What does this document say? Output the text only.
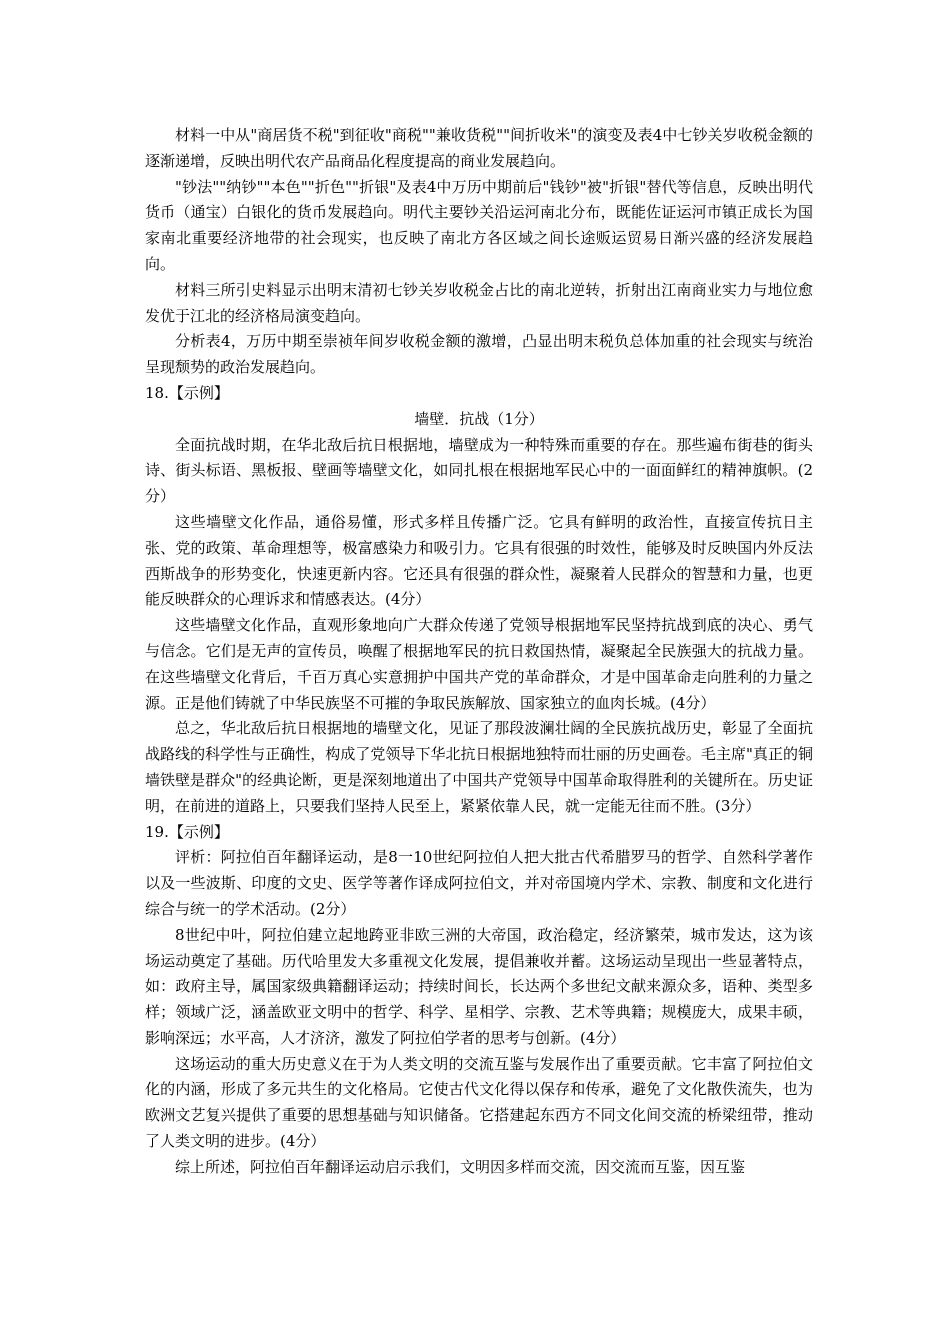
材料一中从"商居货不税"到征收"商税""兼收货税""间折收米"的演变及表4中七钞关岁收税金额的逐渐递增，反映出明代农产品商品化程度提高的商业发展趋向。

"钞法""纳钞""本色""折色""折银"及表4中万历中期前后"钱钞"被"折银"替代等信息，反映出明代货币（通宝）白银化的货币发展趋向。明代主要钞关沿运河南北分布，既能佐证运河市镇正成长为国家南北重要经济地带的社会现实，也反映了南北方各区域之间长途贩运贸易日渐兴盛的经济发展趋向。

材料三所引史料显示出明末清初七钞关岁收税金占比的南北逆转，折射出江南商业实力与地位愈发优于江北的经济格局演变趋向。

分析表4，万历中期至崇祯年间岁收税金额的激增，凸显出明末税负总体加重的社会现实与统治呈现颓势的政治发展趋向。

18.【示例】

墙壁．抗战（1分）

全面抗战时期，在华北敌后抗日根据地，墙壁成为一种特殊而重要的存在。那些遍布街巷的街头诗、街头标语、黑板报、壁画等墙壁文化，如同扎根在根据地军民心中的一面面鲜红的精神旗帜。(2分）

这些墙壁文化作品，通俗易懂，形式多样且传播广泛。它具有鲜明的政治性，直接宣传抗日主张、党的政策、革命理想等，极富感染力和吸引力。它具有很强的时效性，能够及时反映国内外反法西斯战争的形势变化，快速更新内容。它还具有很强的群众性，凝聚着人民群众的智慧和力量，也更能反映群众的心理诉求和情感表达。(4分）

这些墙壁文化作品，直观形象地向广大群众传递了党领导根据地军民坚持抗战到底的决心、勇气与信念。它们是无声的宣传员，唤醒了根据地军民的抗日救国热情，凝聚起全民族强大的抗战力量。在这些墙壁文化背后，千百万真心实意拥护中国共产党的革命群众，才是中国革命走向胜利的力量之源。正是他们铸就了中华民族坚不可摧的争取民族解放、国家独立的血肉长城。(4分）

总之，华北敌后抗日根据地的墙壁文化，见证了那段波澜壮阔的全民族抗战历史，彰显了全面抗战路线的科学性与正确性，构成了党领导下华北抗日根据地独特而壮丽的历史画卷。毛主席"真正的铜墙铁壁是群众"的经典论断，更是深刻地道出了中国共产党领导中国革命取得胜利的关键所在。历史证明，在前进的道路上，只要我们坚持人民至上，紧紧依靠人民，就一定能无往而不胜。(3分）

19.【示例】

评析：阿拉伯百年翻译运动，是8一10世纪阿拉伯人把大批古代希腊罗马的哲学、自然科学著作以及一些波斯、印度的文史、医学等著作译成阿拉伯文，并对帝国境内学术、宗教、制度和文化进行综合与统一的学术活动。(2分）

8世纪中叶，阿拉伯建立起地跨亚非欧三洲的大帝国，政治稳定，经济繁荣，城市发达，这为该场运动奠定了基础。历代哈里发大多重视文化发展，提倡兼收并蓄。这场运动呈现出一些显著特点，如：政府主导，属国家级典籍翻译运动；持续时间长，长达两个多世纪文献来源众多，语种、类型多样；领域广泛，涵盖欧亚文明中的哲学、科学、星相学、宗教、艺术等典籍；规模庞大，成果丰硕，影响深远；水平高，人才济济，激发了阿拉伯学者的思考与创新。(4分）

这场运动的重大历史意义在于为人类文明的交流互鉴与发展作出了重要贡献。它丰富了阿拉伯文化的内涵，形成了多元共生的文化格局。它使古代文化得以保存和传承，避免了文化散佚流失，也为欧洲文艺复兴提供了重要的思想基础与知识储备。它搭建起东西方不同文化间交流的桥梁纽带，推动了人类文明的进步。(4分）

综上所述，阿拉伯百年翻译运动启示我们，文明因多样而交流，因交流而互鉴，因互鉴
